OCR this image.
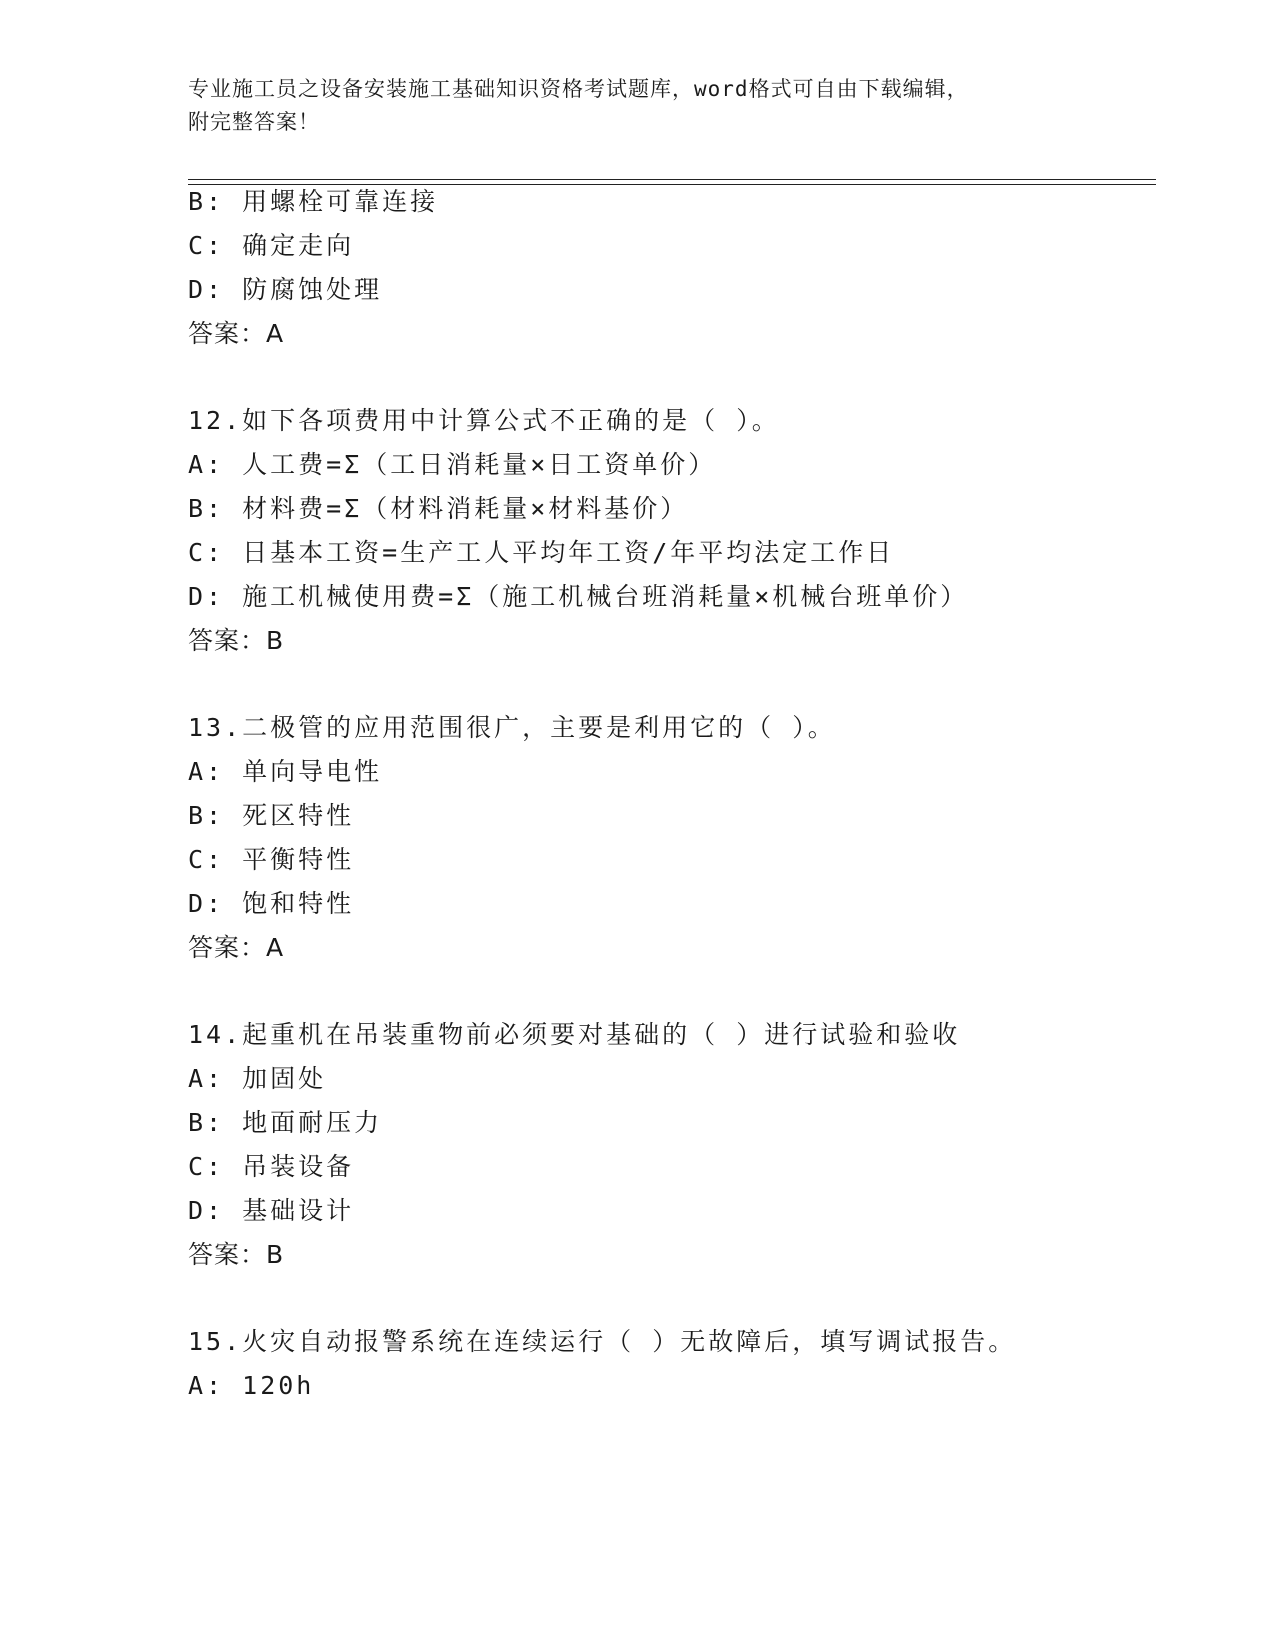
专业施工员之设备安装施工基础知识资格考试题库，word格式可自由下载编辑，
附完整答案！
B: 用螺栓可靠连接
C: 确定走向
D: 防腐蚀处理
答案：A
12.如下各项费用中计算公式不正确的是（ ）。
A: 人工费=Σ（工日消耗量×日工资单价）
B: 材料费=Σ（材料消耗量×材料基价）
C: 日基本工资=生产工人平均年工资/年平均法定工作日
D: 施工机械使用费=Σ（施工机械台班消耗量×机械台班单价）
答案：B
13.二极管的应用范围很广，主要是利用它的（ ）。
A: 单向导电性
B: 死区特性
C: 平衡特性
D: 饱和特性
答案：A
14.起重机在吊装重物前必须要对基础的（ ）进行试验和验收
A: 加固处
B: 地面耐压力
C: 吊装设备
D: 基础设计
答案：B
15.火灾自动报警系统在连续运行（ ）无故障后，填写调试报告。
A: 120h
